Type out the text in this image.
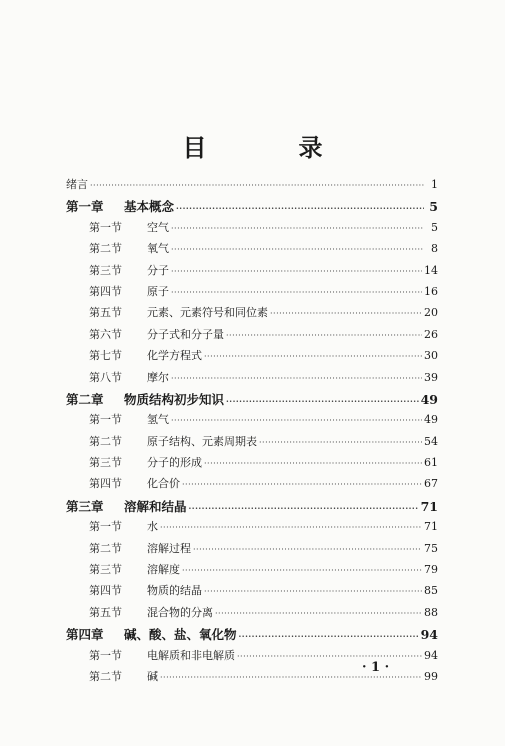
目　录
绪言 ·····	1
第一章	基本概念 ·····	5
第一节	空气 ·····	5
第二节	氧气 ·····	8
第三节	分子 ·····	14
第四节	原子 ·····	16
第五节	元素、元素符号和同位素 ·····	20
第六节	分子式和分子量 ·····	26
第七节	化学方程式 ·····	30
第八节	摩尔 ·····	39
第二章	物质结构初步知识 ·····	49
第一节	氢气 ·····	49
第二节	原子结构、元素周期表 ·····	54
第三节	分子的形成 ·····	61
第四节	化合价 ·····	67
第三章	溶解和结晶 ·····	71
第一节	水 ·····	71
第二节	溶解过程 ·····	75
第三节	溶解度 ·····	79
第四节	物质的结晶 ·····	85
第五节	混合物的分离 ·····	88
第四章	碱、酸、盐、氧化物 ·····	94
第一节	电解质和非电解质 ·····	94
第二节	碱 ·····	99
· 1 ·
